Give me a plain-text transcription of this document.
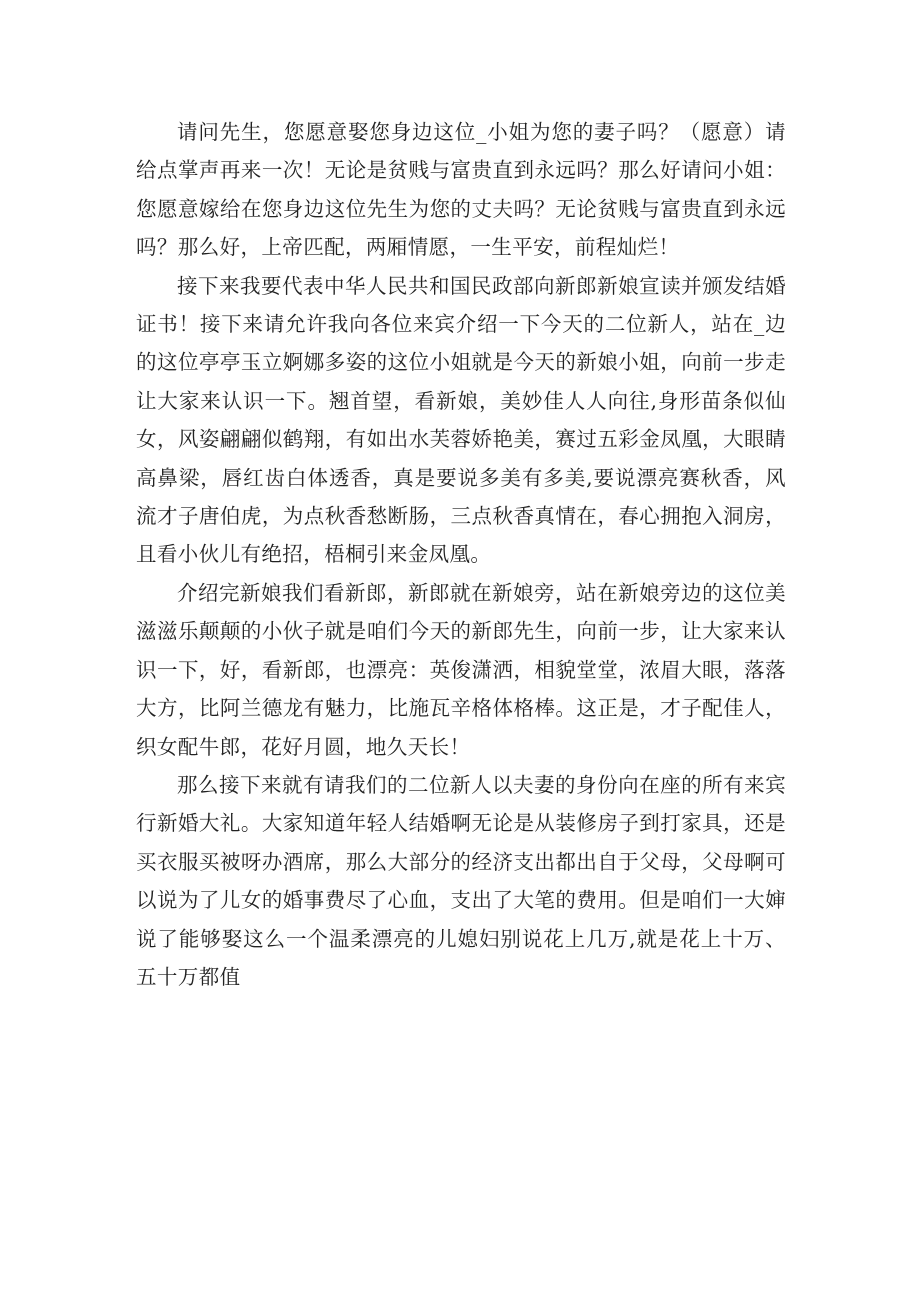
请问先生，您愿意娶您身边这位_小姐为您的妻子吗？（愿意）请给点掌声再来一次！无论是贫贱与富贵直到永远吗？那么好请问小姐：您愿意嫁给在您身边这位先生为您的丈夫吗？无论贫贱与富贵直到永远吗？那么好，上帝匹配，两厢情愿，一生平安，前程灿烂！

接下来我要代表中华人民共和国民政部向新郎新娘宣读并颁发结婚证书！接下来请允许我向各位来宾介绍一下今天的二位新人，站在_边的这位亭亭玉立婀娜多姿的这位小姐就是今天的新娘小姐，向前一步走让大家来认识一下。翘首望，看新娘，美妙佳人人向往,身形苗条似仙女，风姿翩翩似鹤翔，有如出水芙蓉娇艳美，赛过五彩金凤凰，大眼睛高鼻梁，唇红齿白体透香，真是要说多美有多美,要说漂亮赛秋香，风流才子唐伯虎，为点秋香愁断肠，三点秋香真情在，春心拥抱入洞房，且看小伙儿有绝招，梧桐引来金凤凰。

介绍完新娘我们看新郎，新郎就在新娘旁，站在新娘旁边的这位美滋滋乐颠颠的小伙子就是咱们今天的新郎先生，向前一步，让大家来认识一下，好，看新郎，也漂亮：英俊潇洒，相貌堂堂，浓眉大眼，落落大方，比阿兰德龙有魅力，比施瓦辛格体格棒。这正是，才子配佳人，织女配牛郎，花好月圆，地久天长！

那么接下来就有请我们的二位新人以夫妻的身份向在座的所有来宾行新婚大礼。大家知道年轻人结婚啊无论是从装修房子到打家具，还是买衣服买被呀办酒席，那么大部分的经济支出都出自于父母，父母啊可以说为了儿女的婚事费尽了心血，支出了大笔的费用。但是咱们一大婶说了能够娶这么一个温柔漂亮的儿媳妇别说花上几万,就是花上十万、五十万都值
